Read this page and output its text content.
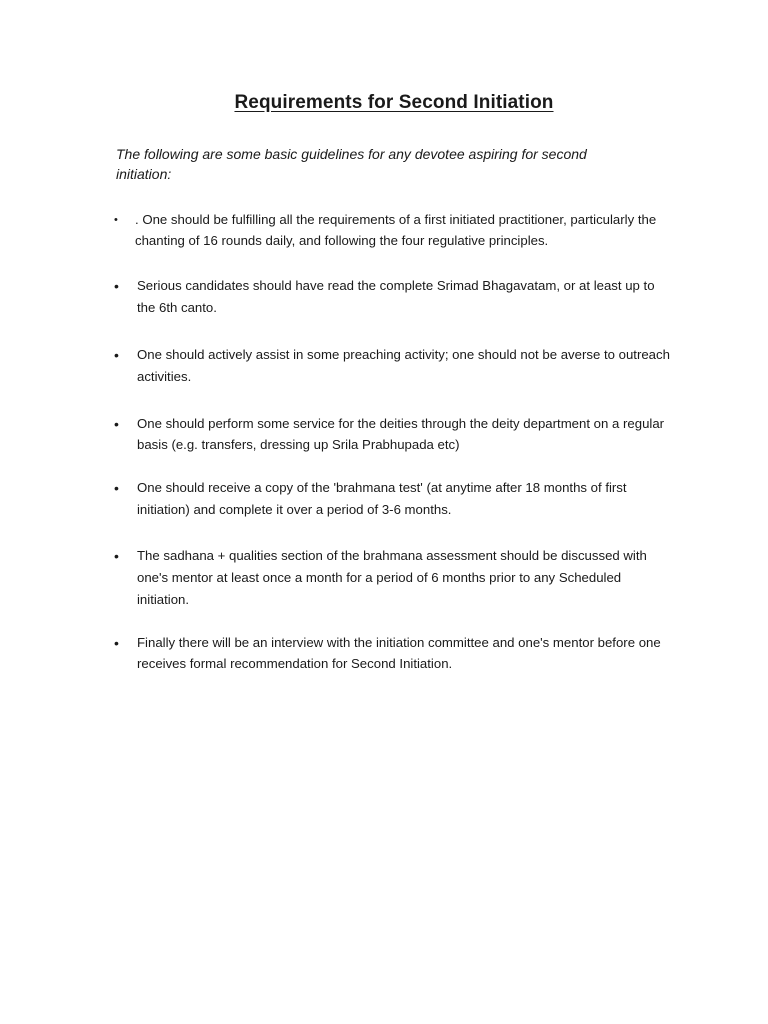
Requirements for Second Initiation

The following are some basic guidelines for any devotee aspiring for second initiation:

•	. One should be fulfilling all the requirements of a first initiated practitioner, particularly the chanting of 16 rounds daily, and following the four regulative principles.
•	Serious candidates should have read the complete Srimad Bhagavatam, or at least up to the 6th canto.
•	One should actively assist in some preaching activity; one should not be averse to outreach activities.
•	One should perform some service for the deities through the deity department on a regular basis (e.g. transfers, dressing up Srila Prabhupada etc)
•	One should receive a copy of the 'brahmana test' (at anytime after 18 months of first initiation) and complete it over a period of 3-6 months.
•	The sadhana + qualities section of the brahmana assessment should be discussed with one's mentor at least once a month for a period of 6 months prior to any Scheduled initiation.
•	Finally there will be an interview with the initiation committee and one's mentor before one receives formal recommendation for Second Initiation.
